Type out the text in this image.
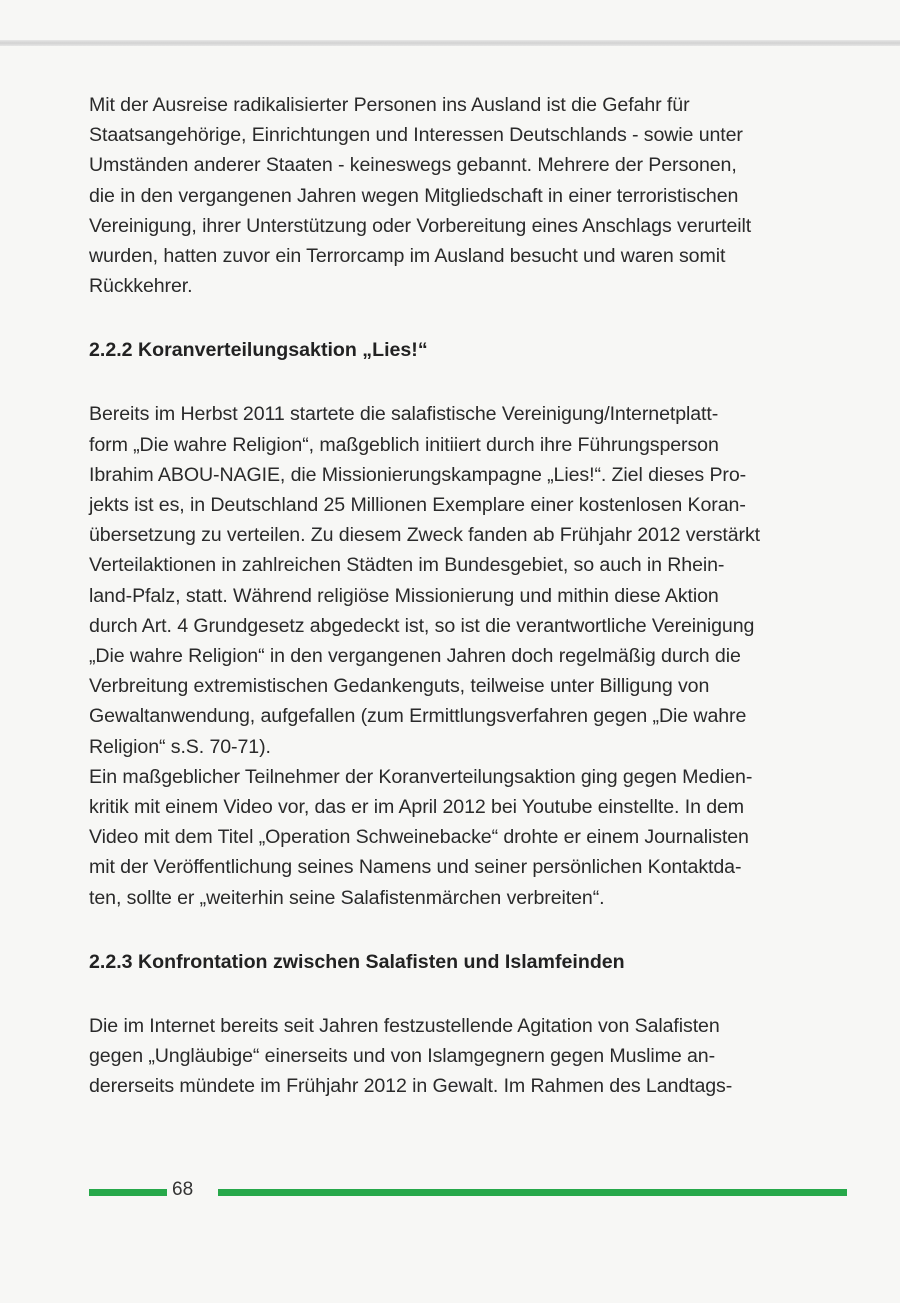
Mit der Ausreise radikalisierter Personen ins Ausland ist die Gefahr für
Staatsangehörige, Einrichtungen und Interessen Deutschlands - sowie unter
Umständen anderer Staaten - keineswegs gebannt. Mehrere der Personen,
die in den vergangenen Jahren wegen Mitgliedschaft in einer terroristischen
Vereinigung, ihrer Unterstützung oder Vorbereitung eines Anschlags verurteilt
wurden, hatten zuvor ein Terrorcamp im Ausland besucht und waren somit
Rückkehrer.

2.2.2 Koranverteilungsaktion „Lies!“

Bereits im Herbst 2011 startete die salafistische Vereinigung/Internetplatt-
form „Die wahre Religion“, maßgeblich initiiert durch ihre Führungsperson
Ibrahim ABOU-NAGIE, die Missionierungskampagne „Lies!“. Ziel dieses Pro-
jekts ist es, in Deutschland 25 Millionen Exemplare einer kostenlosen Koran-
übersetzung zu verteilen. Zu diesem Zweck fanden ab Frühjahr 2012 verstärkt
Verteilaktionen in zahlreichen Städten im Bundesgebiet, so auch in Rhein-
land-Pfalz, statt. Während religiöse Missionierung und mithin diese Aktion
durch Art. 4 Grundgesetz abgedeckt ist, so ist die verantwortliche Vereinigung
„Die wahre Religion“ in den vergangenen Jahren doch regelmäßig durch die
Verbreitung extremistischen Gedankenguts, teilweise unter Billigung von
Gewaltanwendung, aufgefallen (zum Ermittlungsverfahren gegen „Die wahre
Religion“ s.S. 70-71).

Ein maßgeblicher Teilnehmer der Koranverteilungsaktion ging gegen Medien-
kritik mit einem Video vor, das er im April 2012 bei Youtube einstellte. In dem
Video mit dem Titel „Operation Schweinebacke“ drohte er einem Journalisten
mit der Veröffentlichung seines Namens und seiner persönlichen Kontaktda-
ten, sollte er „weiterhin seine Salafistenmärchen verbreiten“.

2.2.3 Konfrontation zwischen Salafisten und Islamfeinden

Die im Internet bereits seit Jahren festzustellende Agitation von Salafisten
gegen „Ungläubige“ einerseits und von Islamgegnern gegen Muslime an-
dererseits mündete im Frühjahr 2012 in Gewalt. Im Rahmen des Landtags-

68
